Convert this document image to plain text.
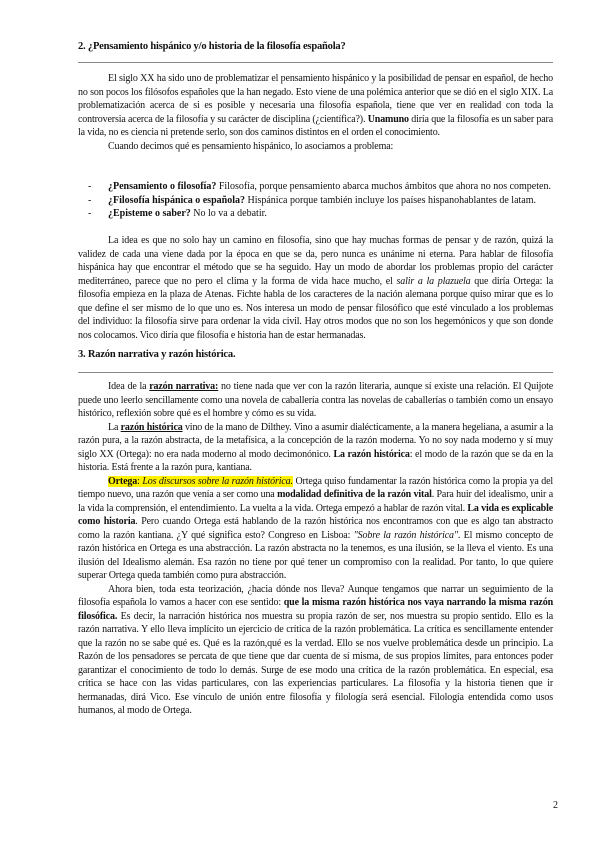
2. ¿Pensamiento hispánico y/o historia de la filosofía española?

El siglo XX ha sido uno de problematizar el pensamiento hispánico y la posibilidad de pensar en español, de hecho no son pocos los filósofos españoles que la han negado. Esto viene de una polémica anterior que se dió en el siglo XIX. La problematización acerca de si es posible y necesaria una filosofía española, tiene que ver en realidad con toda la controversia acerca de la filosofía y su carácter de disciplina (¿científica?). Unamuno diría que la filosofía es un saber para la vida, no es ciencia ni pretende serlo, son dos caminos distintos en el orden el conocimiento.

Cuando decimos qué es pensamiento hispánico, lo asociamos a problema:

-	¿Pensamiento o filosofía? Filosofía, porque pensamiento abarca muchos ámbitos que ahora no nos competen.
-	¿Filosofía hispánica o española? Hispánica porque también incluye los países hispanohablantes de latam.
-	¿Episteme o saber? No lo va a debatir.

La idea es que no solo hay un camino en filosofía, sino que hay muchas formas de pensar y de razón, quizá la validez de cada una viene dada por la época en que se da, pero nunca es unánime ni eterna. Para hablar de filosofía hispánica hay que encontrar el método que se ha seguido. Hay un modo de abordar los problemas propio del carácter mediterráneo, parece que no pero el clima y la forma de vida hace mucho, el salir a la plazuela que diría Ortega: la filosofía empieza en la plaza de Atenas. Fichte habla de los caracteres de la nación alemana porque quiso mirar que es lo que define el ser mismo de lo que uno es. Nos interesa un modo de pensar filosófico que esté vinculado a los problemas del individuo: la filosofía sirve para ordenar la vida civil. Hay otros modos que no son los hegemónicos y que son donde nos colocamos. Vico diría que filosofía e historia han de estar hermanadas.

3. Razón narrativa y razón histórica.

Idea de la razón narrativa: no tiene nada que ver con la razón literaria, aunque sí existe una relación. El Quijote puede uno leerlo sencillamente como una novela de caballería contra las novelas de caballerías o también como un ensayo histórico, reflexión sobre qué es el hombre y cómo es su vida.

La razón histórica vino de la mano de Dilthey. Vino a asumir dialécticamente, a la manera hegeliana, a asumir a la razón pura, a la razón abstracta, de la metafísica, a la concepción de la razón moderna. Yo no soy nada moderno y sí muy siglo XX (Ortega): no era nada moderno al modo decimonónico. La razón histórica: el modo de la razón que se da en la historia. Está frente a la razón pura, kantiana.

Ortega: Los discursos sobre la razón histórica. Ortega quiso fundamentar la razón histórica como la propia ya del tiempo nuevo, una razón que venía a ser como una modalidad definitiva de la razón vital. Para huir del idealismo, unir a la vida la comprensión, el entendimiento. La vuelta a la vida. Ortega empezó a hablar de razón vital. La vida es explicable como historia. Pero cuando Ortega está hablando de la razón histórica nos encontramos con que es algo tan abstracto como la razón kantiana. ¿Y qué significa esto? Congreso en Lisboa: "Sobre la razón histórica". El mismo concepto de razón histórica en Ortega es una abstracción. La razón abstracta no la tenemos, es una ilusión, se la lleva el viento. Es una ilusión del Idealismo alemán. Esa razón no tiene por qué tener un compromiso con la realidad. Por tanto, lo que quiere superar Ortega queda también como pura abstracción.

Ahora bien, toda esta teorización, ¿hacia dónde nos lleva? Aunque tengamos que narrar un seguimiento de la filosofía española lo vamos a hacer con ese sentido: que la misma razón histórica nos vaya narrando la misma razón filosófica. Es decir, la narración histórica nos muestra su propia razón de ser, nos muestra su propio sentido. Ello es la razón narrativa. Y ello lleva implícito un ejercicio de crítica de la razón problemática. La crítica es sencillamente entender que la razón no se sabe qué es. Qué es la razón,qué es la verdad. Ello se nos vuelve problemática desde un principio. La Razón de los pensadores se percata de que tiene que dar cuenta de sí misma, de sus propios límites, para entonces poder garantizar el conocimiento de todo lo demás. Surge de ese modo una crítica de la razón problemática. En especial, esa crítica se hace con las vidas particulares, con las experiencias particulares. La filosofía y la historia tienen que ir hermanadas, dirá Vico. Ese vínculo de unión entre filosofía y filología será esencial. Filología entendida como usos humanos, al modo de Ortega.

2
